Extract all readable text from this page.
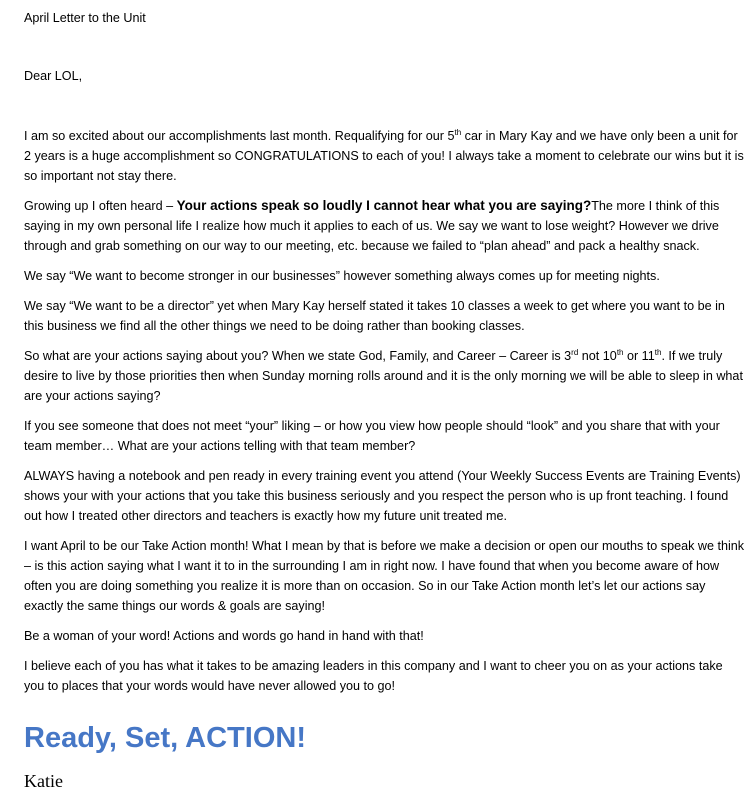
April Letter to the Unit
Dear LOL,

I am so excited about our accomplishments last month. Requalifying for our 5th car in Mary Kay and we have only been a unit for 2 years is a huge accomplishment so CONGRATULATIONS to each of you! I always take a moment to celebrate our wins but it is so important not stay there.

Growing up I often heard – Your actions speak so loudly I cannot hear what you are saying?The more I think of this saying in my own personal life I realize how much it applies to each of us. We say we want to lose weight? However we drive through and grab something on our way to our meeting, etc. because we failed to “plan ahead” and pack a healthy snack.

We say “We want to become stronger in our businesses” however something always comes up for meeting nights.

We say “We want to be a director” yet when Mary Kay herself stated it takes 10 classes a week to get where you want to be in this business we find all the other things we need to be doing rather than booking classes.

So what are your actions saying about you? When we state God, Family, and Career – Career is 3rd not 10th or 11th. If we truly desire to live by those priorities then when Sunday morning rolls around and it is the only morning we will be able to sleep in what are your actions saying?

If you see someone that does not meet “your” liking – or how you view how people should “look” and you share that with your team member… What are your actions telling with that team member?

ALWAYS having a notebook and pen ready in every training event you attend (Your Weekly Success Events are Training Events) shows your with your actions that you take this business seriously and you respect the person who is up front teaching. I found out how I treated other directors and teachers is exactly how my future unit treated me.

I want April to be our Take Action month! What I mean by that is before we make a decision or open our mouths to speak we think – is this action saying what I want it to in the surrounding I am in right now. I have found that when you become aware of how often you are doing something you realize it is more than on occasion. So in our Take Action month let’s let our actions say exactly the same things our words & goals are saying!

Be a woman of your word! Actions and words go hand in hand with that!

I believe each of you has what it takes to be amazing leaders in this company and I want to cheer you on as your actions take you to places that your words would have never allowed you to go!

Ready, Set, ACTION!
Katie
